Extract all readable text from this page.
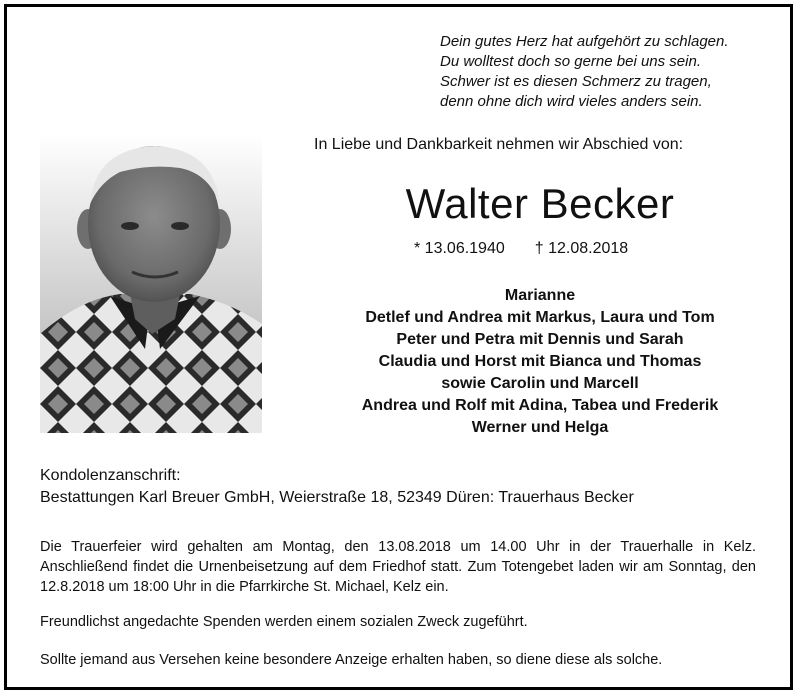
Dein gutes Herz hat aufgehört zu schlagen.
Du wolltest doch so gerne bei uns sein.
Schwer ist es diesen Schmerz zu tragen,
denn ohne dich wird vieles anders sein.
In Liebe und Dankbarkeit nehmen wir Abschied von:
Walter Becker
* 13.06.1940 † 12.08.2018
Marianne
Detlef und Andrea mit Markus, Laura und Tom
Peter und Petra mit Dennis und Sarah
Claudia und Horst mit Bianca und Thomas
sowie Carolin und Marcell
Andrea und Rolf mit Adina, Tabea und Frederik
Werner und Helga
Kondolenzanschrift:
Bestattungen Karl Breuer GmbH, Weierstraße 18, 52349 Düren: Trauerhaus Becker
Die Trauerfeier wird gehalten am Montag, den 13.08.2018 um 14.00 Uhr in der Trauerhalle in Kelz. Anschließend findet die Urnenbeisetzung auf dem Friedhof statt. Zum Totengebet laden wir am Sonntag, den 12.8.2018 um 18:00 Uhr in die Pfarrkirche St. Michael, Kelz ein.
Freundlichst angedachte Spenden werden einem sozialen Zweck zugeführt.
Sollte jemand aus Versehen keine besondere Anzeige erhalten haben, so diene diese als solche.
